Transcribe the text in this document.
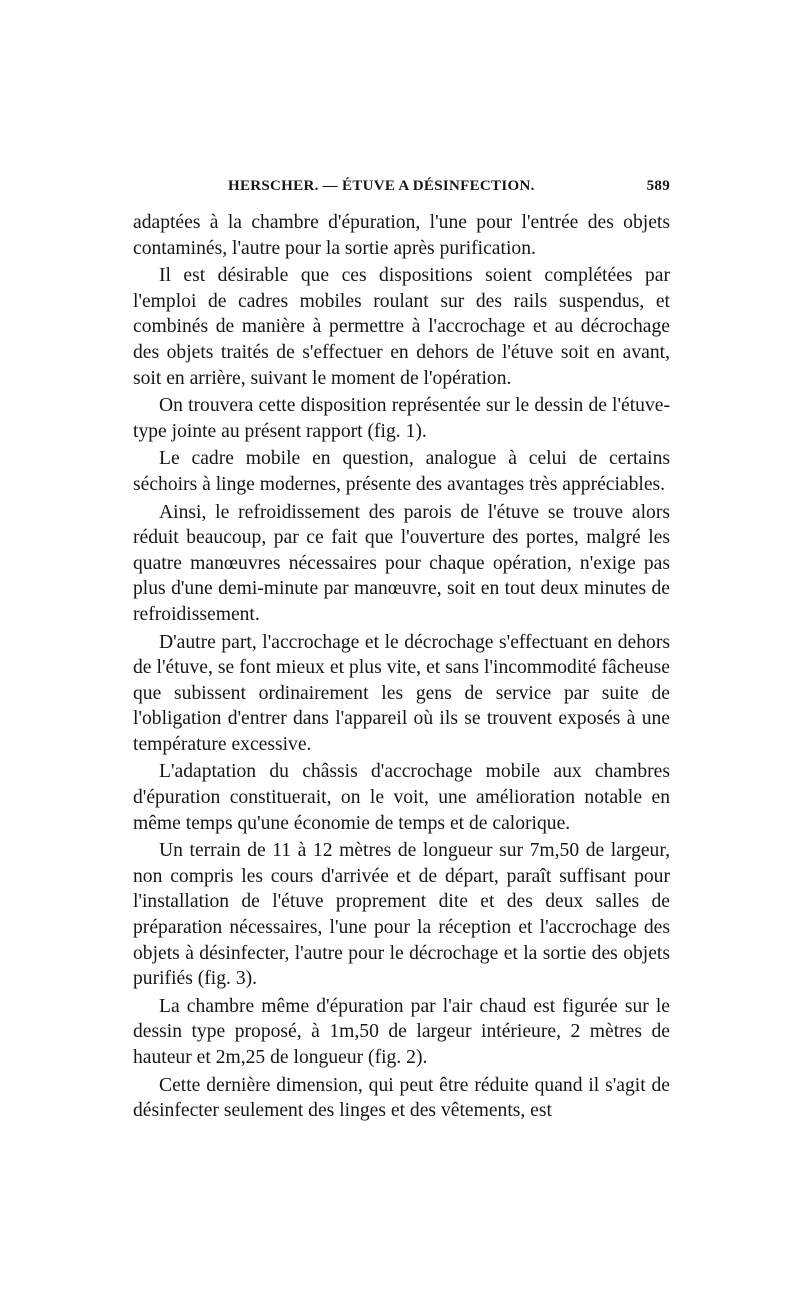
HERSCHER. — ÉTUVE A DÉSINFECTION.	589

adaptées à la chambre d'épuration, l'une pour l'entrée des objets contaminés, l'autre pour la sortie après purification.

Il est désirable que ces dispositions soient complétées par l'emploi de cadres mobiles roulant sur des rails suspendus, et combinés de manière à permettre à l'accrochage et au décrochage des objets traités de s'effectuer en dehors de l'étuve soit en avant, soit en arrière, suivant le moment de l'opération.

On trouvera cette disposition représentée sur le dessin de l'étuve-type jointe au présent rapport (fig. 1).

Le cadre mobile en question, analogue à celui de certains séchoirs à linge modernes, présente des avantages très appréciables.

Ainsi, le refroidissement des parois de l'étuve se trouve alors réduit beaucoup, par ce fait que l'ouverture des portes, malgré les quatre manœuvres nécessaires pour chaque opération, n'exige pas plus d'une demi-minute par manœuvre, soit en tout deux minutes de refroidissement.

D'autre part, l'accrochage et le décrochage s'effectuant en dehors de l'étuve, se font mieux et plus vite, et sans l'incommodité fâcheuse que subissent ordinairement les gens de service par suite de l'obligation d'entrer dans l'appareil où ils se trouvent exposés à une température excessive.

L'adaptation du châssis d'accrochage mobile aux chambres d'épuration constituerait, on le voit, une amélioration notable en même temps qu'une économie de temps et de calorique.

Un terrain de 11 à 12 mètres de longueur sur 7m,50 de largeur, non compris les cours d'arrivée et de départ, paraît suffisant pour l'installation de l'étuve proprement dite et des deux salles de préparation nécessaires, l'une pour la réception et l'accrochage des objets à désinfecter, l'autre pour le décrochage et la sortie des objets purifiés (fig. 3).

La chambre même d'épuration par l'air chaud est figurée sur le dessin type proposé, à 1m,50 de largeur intérieure, 2 mètres de hauteur et 2m,25 de longueur (fig. 2).

Cette dernière dimension, qui peut être réduite quand il s'agit de désinfecter seulement des linges et des vêtements, est
